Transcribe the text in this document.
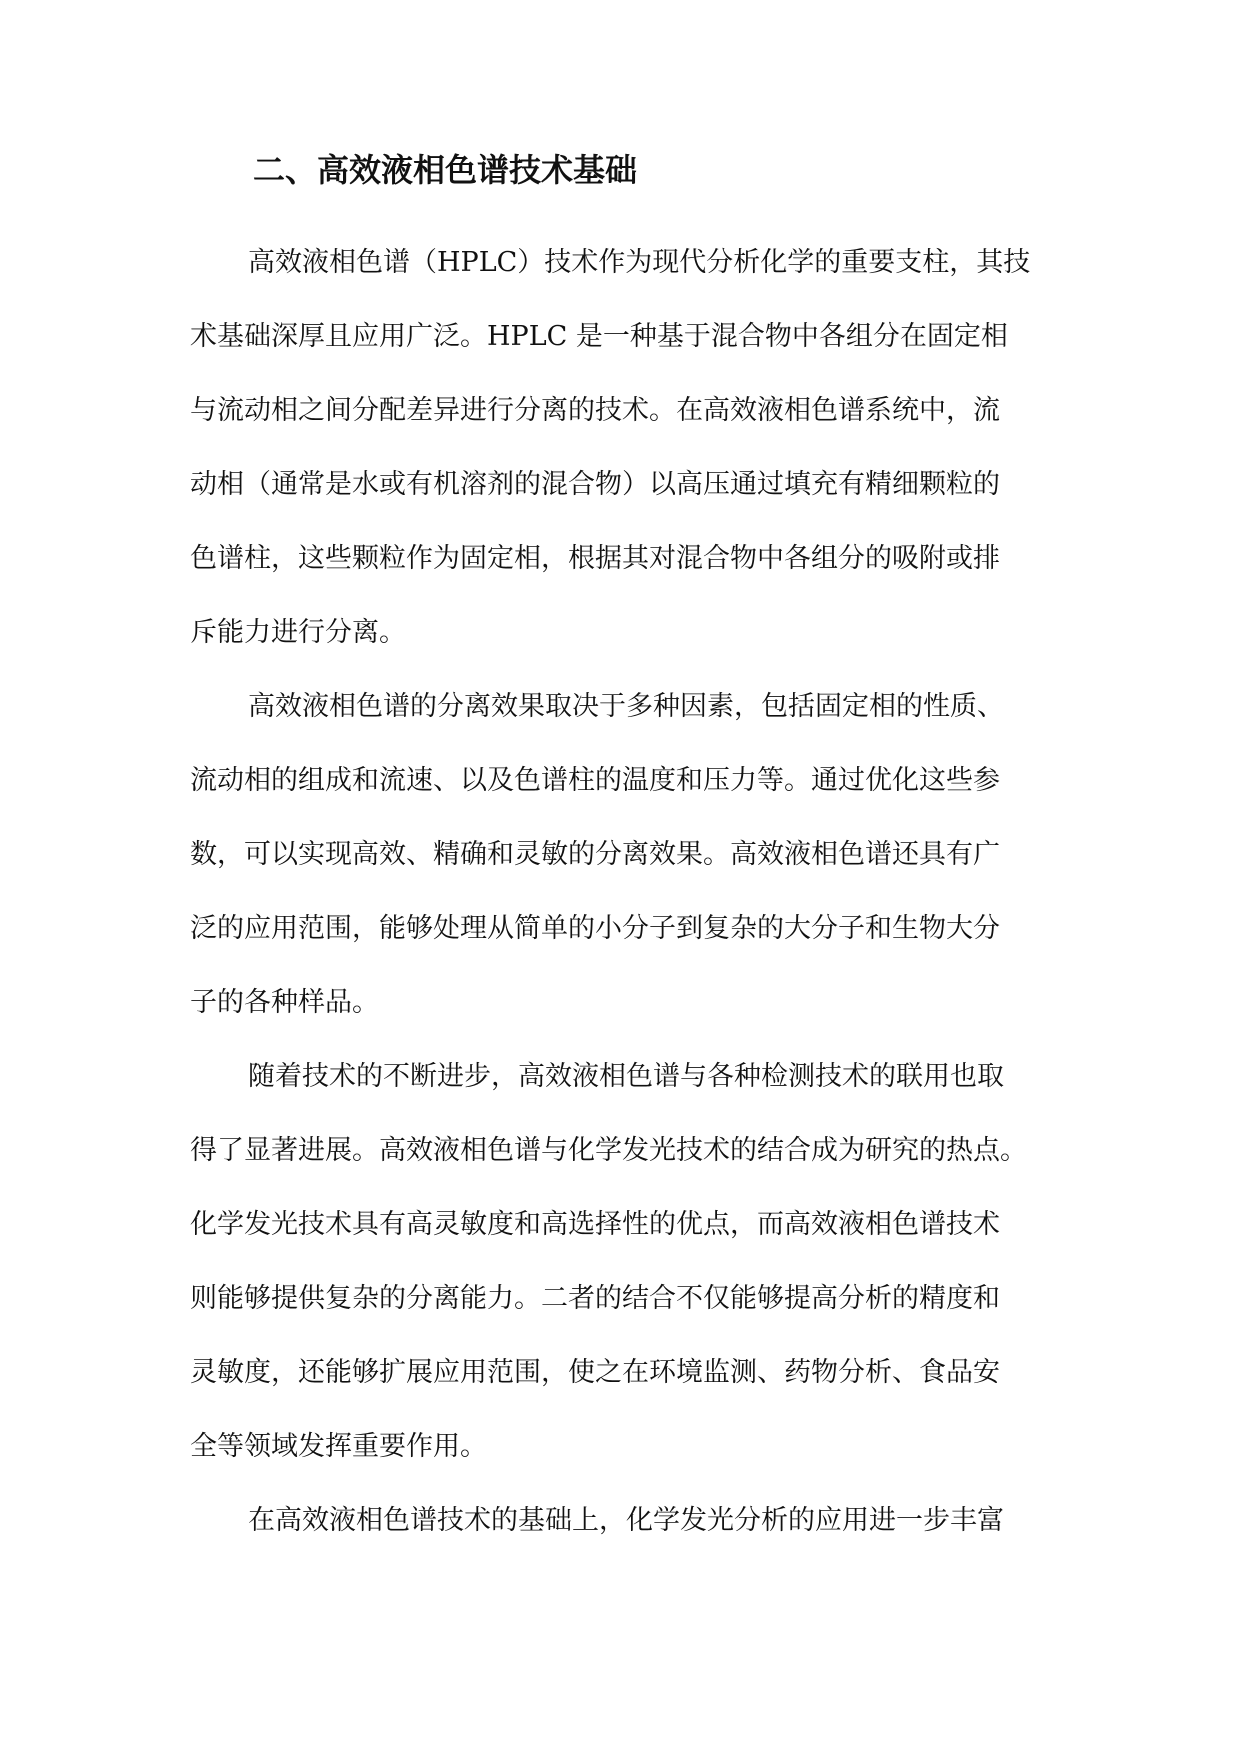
二、高效液相色谱技术基础
高效液相色谱（HPLC）技术作为现代分析化学的重要支柱，其技
术基础深厚且应用广泛。HPLC 是一种基于混合物中各组分在固定相
与流动相之间分配差异进行分离的技术。在高效液相色谱系统中，流
动相（通常是水或有机溶剂的混合物）以高压通过填充有精细颗粒的
色谱柱，这些颗粒作为固定相，根据其对混合物中各组分的吸附或排
斥能力进行分离。
高效液相色谱的分离效果取决于多种因素，包括固定相的性质、
流动相的组成和流速、以及色谱柱的温度和压力等。通过优化这些参
数，可以实现高效、精确和灵敏的分离效果。高效液相色谱还具有广
泛的应用范围，能够处理从简单的小分子到复杂的大分子和生物大分
子的各种样品。
随着技术的不断进步，高效液相色谱与各种检测技术的联用也取
得了显著进展。高效液相色谱与化学发光技术的结合成为研究的热点。
化学发光技术具有高灵敏度和高选择性的优点，而高效液相色谱技术
则能够提供复杂的分离能力。二者的结合不仅能够提高分析的精度和
灵敏度，还能够扩展应用范围，使之在环境监测、药物分析、食品安
全等领域发挥重要作用。
在高效液相色谱技术的基础上，化学发光分析的应用进一步丰富
